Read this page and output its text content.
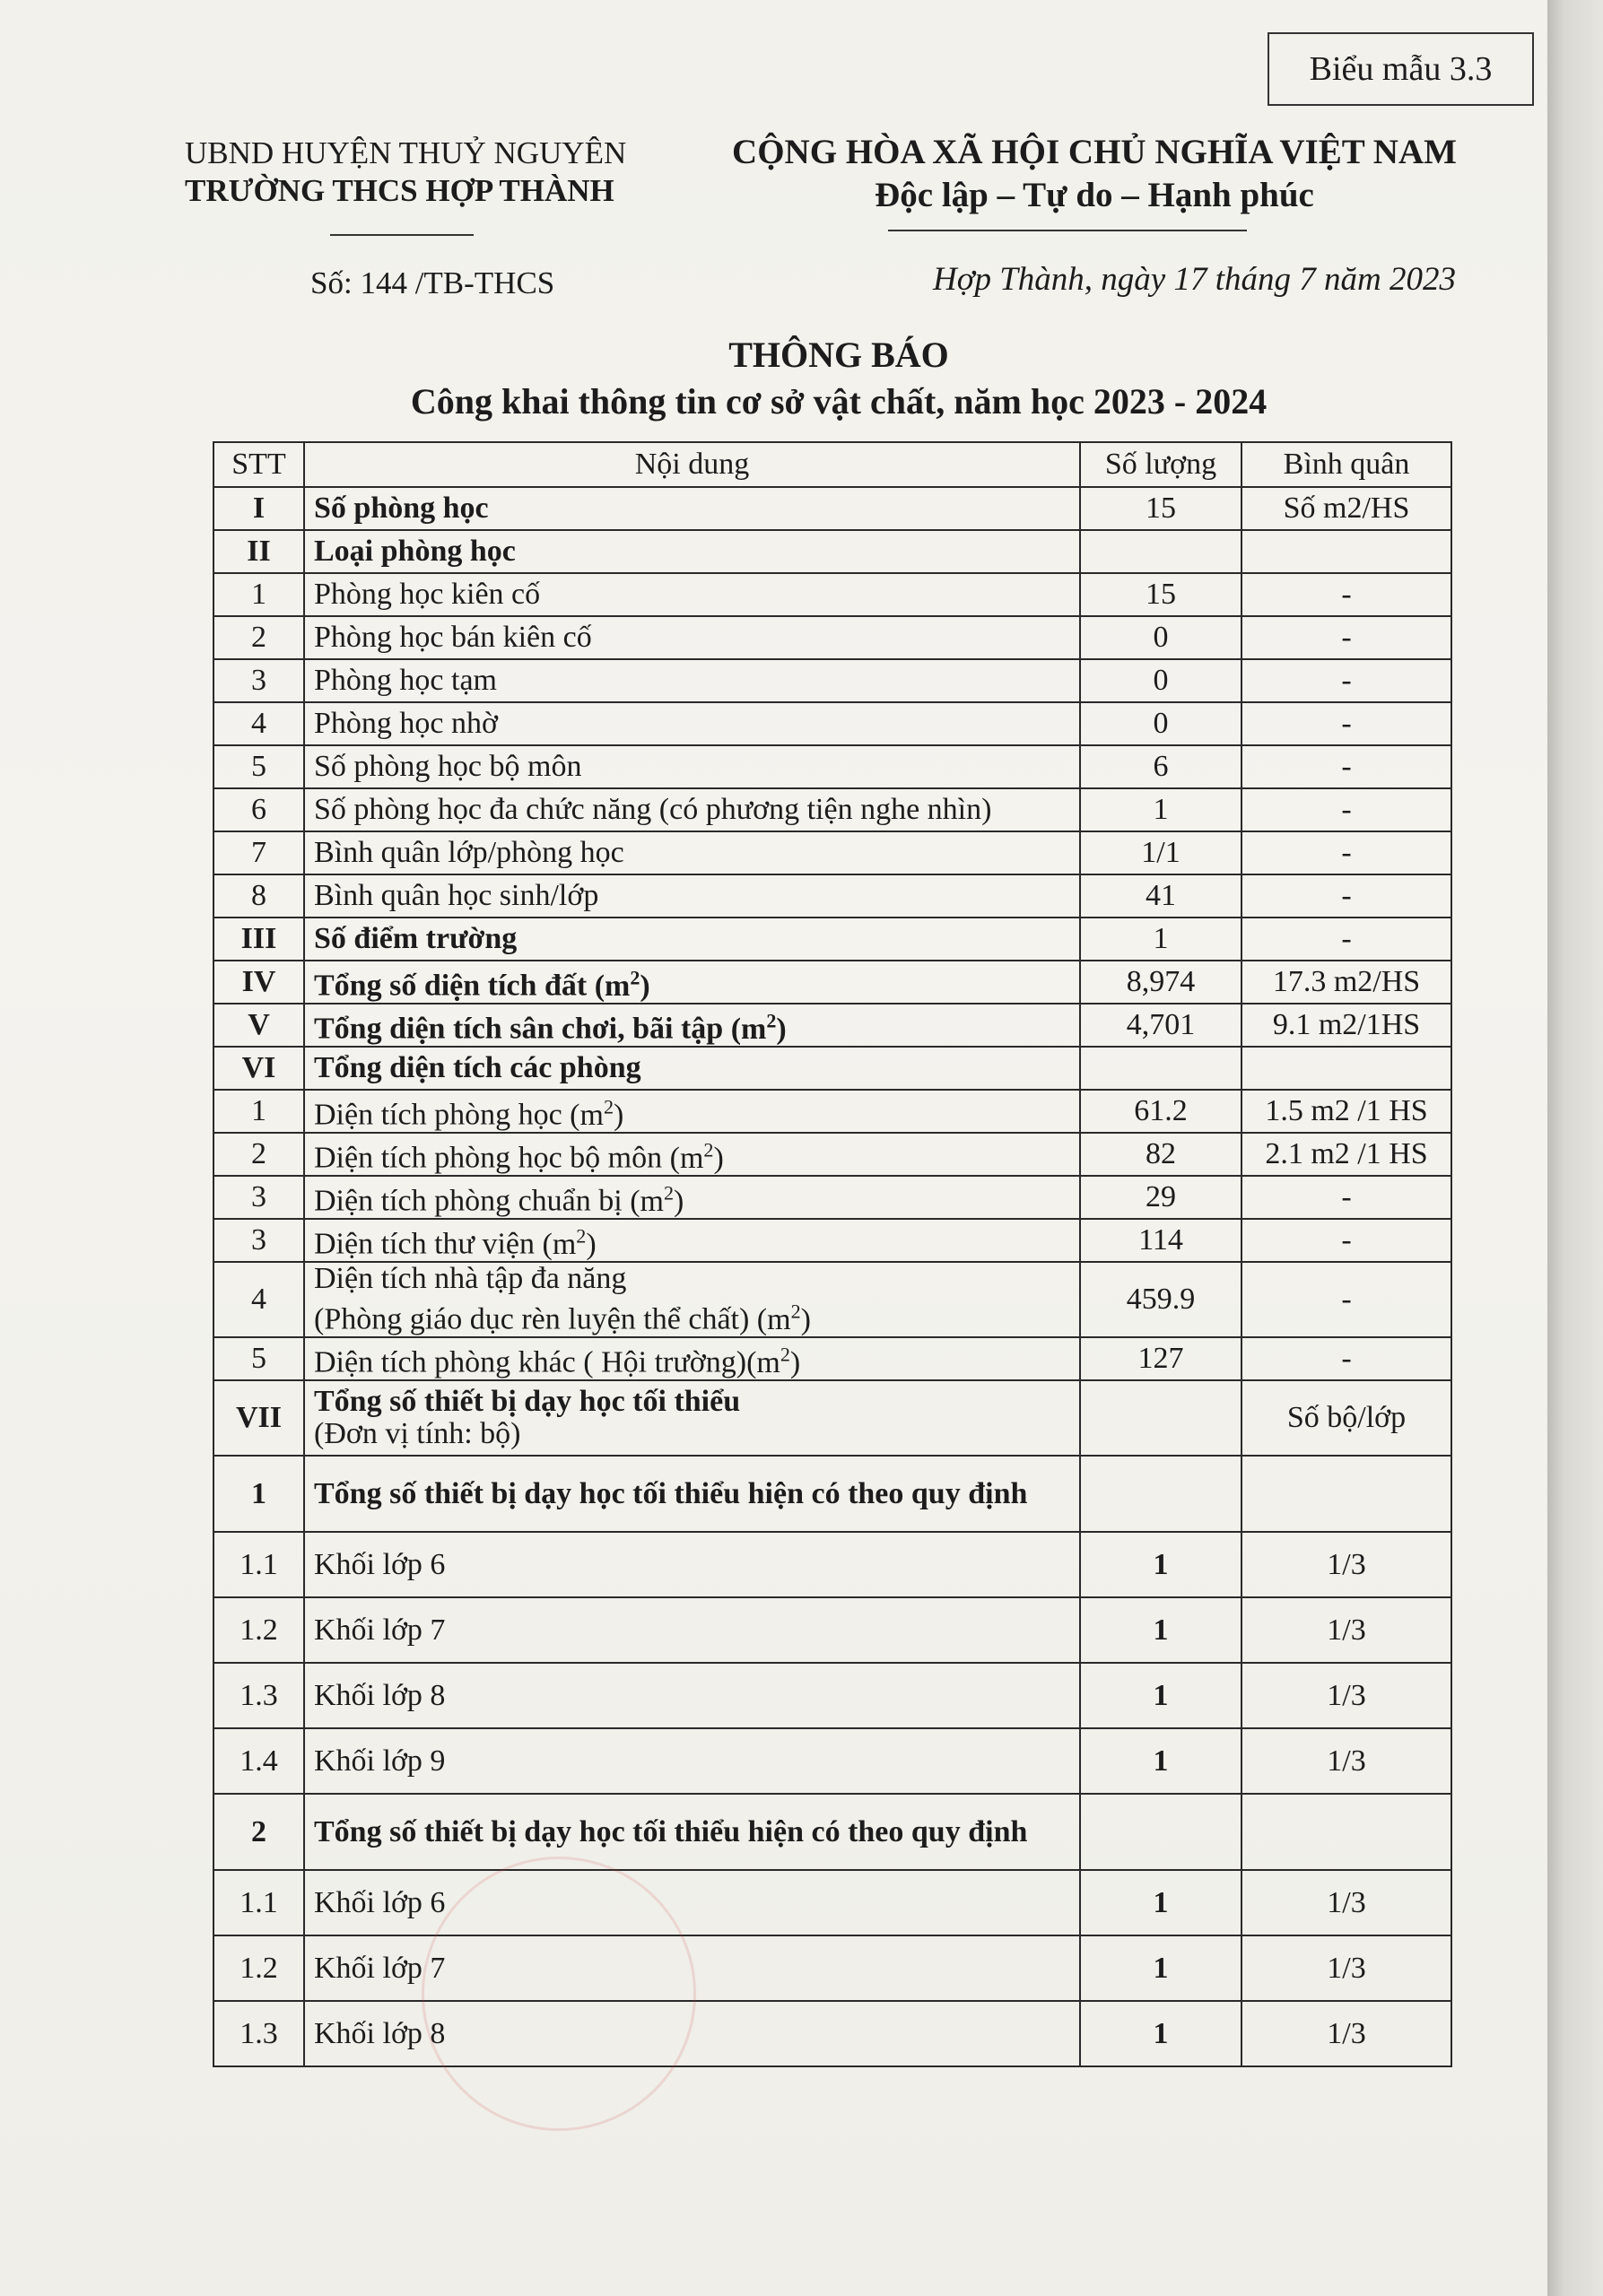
Biểu mẫu 3.3
UBND HUYỆN THUỶ NGUYÊN
TRƯỜNG THCS HỢP THÀNH
CỘNG HÒA XÃ HỘI CHỦ NGHĨA VIỆT NAM
Độc lập – Tự do – Hạnh phúc
Số: 144 /TB-THCS	Hợp Thành, ngày 17 tháng 7 năm 2023
THÔNG BÁO
Công khai thông tin cơ sở vật chất, năm học 2023 - 2024
STT	Nội dung	Số lượng	Bình quân
I	Số phòng học	15	Số m2/HS
II	Loại phòng học		
1	Phòng học kiên cố	15	-
2	Phòng học bán kiên cố	0	-
3	Phòng học tạm	0	-
4	Phòng học nhờ	0	-
5	Số phòng học bộ môn	6	-
6	Số phòng học đa chức năng (có phương tiện nghe nhìn)	1	-
7	Bình quân lớp/phòng học	1/1	-
8	Bình quân học sinh/lớp	41	-
III	Số điểm trường	1	-
IV	Tổng số diện tích đất $(m^2)$	8,974	17.3 m2/HS
V	Tổng diện tích sân chơi, bãi tập $(m^2)$	4,701	9.1 m2/1HS
VI	Tổng diện tích các phòng		
1	Diện tích phòng học $(m^2)$	61.2	1.5 m2 /1 HS
2	Diện tích phòng học bộ môn $(m^2)$	82	2.1 m2 /1 HS
3	Diện tích phòng chuẩn bị $(m^2)$	29	-
3	Diện tích thư viện $(m^2)$	114	-
4	Diện tích nhà tập đa năng
(Phòng giáo dục rèn luyện thể chất) $(m^2)$	459.9	-
5	Diện tích phòng khác ( Hội $trường)(m^2)$	127	-
VII	Tổng số thiết bị dạy học tối thiểu
(Đơn vị tính: bộ)		Số bộ/lớp
1	Tổng số thiết bị dạy học tối thiểu hiện có theo quy định		
1.1	Khối lớp 6	1	1/3
1.2	Khối lớp 7	1	1/3
1.3	Khối lớp 8	1	1/3
1.4	Khối lớp 9	1	1/3
2	Tổng số thiết bị dạy học tối thiểu hiện có theo quy định		
1.1	Khối lớp 6	1	1/3
1.2	Khối lớp 7	1	1/3
1.3	Khối lớp 8	1	1/3
